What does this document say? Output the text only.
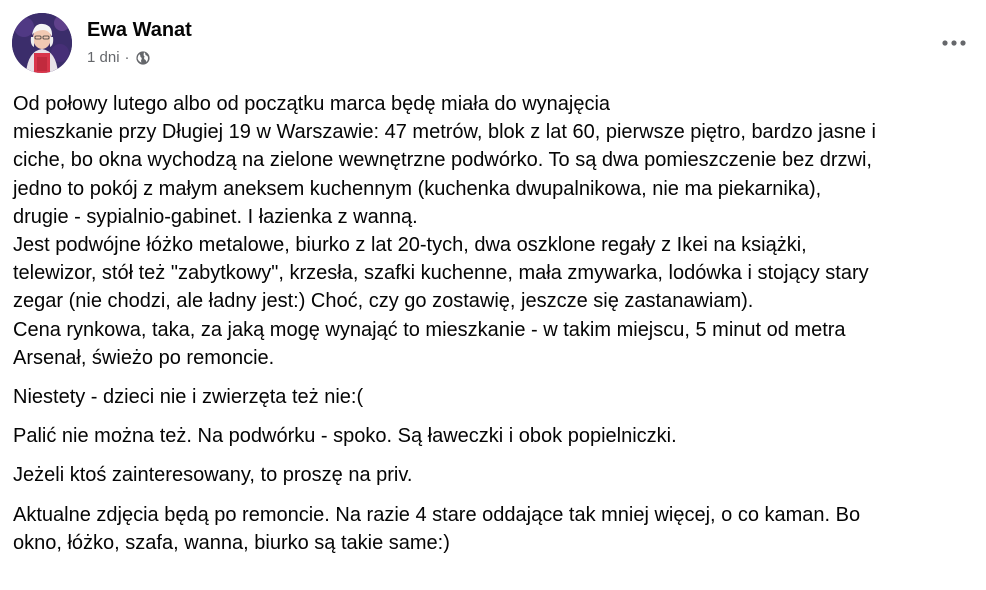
Ewa Wanat
1 dni ·

Od połowy lutego albo od początku marca będę miała do wynajęcia
mieszkanie przy Długiej 19 w Warszawie: 47 metrów, blok z lat 60, pierwsze piętro, bardzo jasne i
ciche, bo okna wychodzą na zielone wewnętrzne podwórko. To są dwa pomieszczenie bez drzwi,
jedno to pokój z małym aneksem kuchennym (kuchenka dwupalnikowa, nie ma piekarnika),
drugie - sypialnio-gabinet. I łazienka z wanną.
Jest podwójne łóżko metalowe, biurko z lat 20-tych, dwa oszklone regały z Ikei na książki,
telewizor, stół też "zabytkowy", krzesła, szafki kuchenne, mała zmywarka, lodówka i stojący stary
zegar (nie chodzi, ale ładny jest:) Choć, czy go zostawię, jeszcze się zastanawiam).
Cena rynkowa, taka, za jaką mogę wynająć to mieszkanie - w takim miejscu, 5 minut od metra
Arsenał, świeżo po remoncie.

Niestety - dzieci nie i zwierzęta też nie:(

Palić nie można też. Na podwórku - spoko. Są ławeczki i obok popielniczki.

Jeżeli ktoś zainteresowany, to proszę na priv.

Aktualne zdjęcia będą po remoncie. Na razie 4 stare oddające tak mniej więcej, o co kaman. Bo
okno, łóżko, szafa, wanna, biurko są takie same:)
